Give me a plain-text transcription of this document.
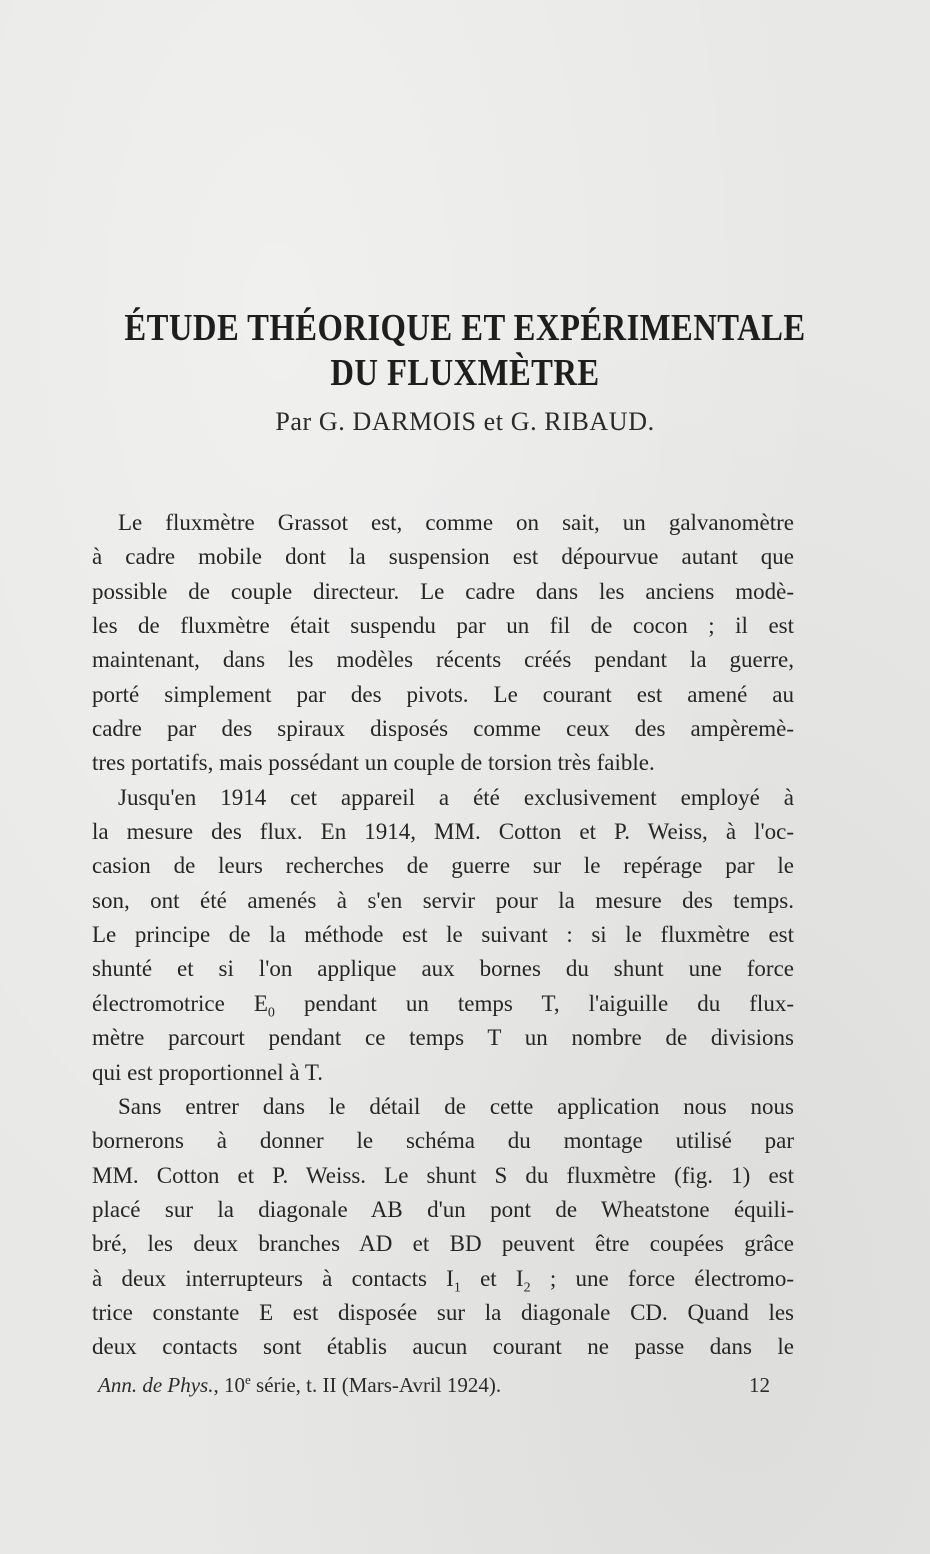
ÉTUDE THÉORIQUE ET EXPÉRIMENTALE
DU FLUXMÈTRE

Par G. DARMOIS et G. RIBAUD.

Le fluxmètre Grassot est, comme on sait, un galvanomètre
à cadre mobile dont la suspension est dépourvue autant que
possible de couple directeur. Le cadre dans les anciens modè-
les de fluxmètre était suspendu par un fil de cocon ; il est
maintenant, dans les modèles récents créés pendant la guerre,
porté simplement par des pivots. Le courant est amené au
cadre par des spiraux disposés comme ceux des ampèremè-
tres portatifs, mais possédant un couple de torsion très faible.
Jusqu'en 1914 cet appareil a été exclusivement employé à
la mesure des flux. En 1914, MM. Cotton et P. Weiss, à l'oc-
casion de leurs recherches de guerre sur le repérage par le
son, ont été amenés à s'en servir pour la mesure des temps.
Le principe de la méthode est le suivant : si le fluxmètre est
shunté et si l'on applique aux bornes du shunt une force
électromotrice $E_0$ pendant un temps T, l'aiguille du flux-
mètre parcourt pendant ce temps T un nombre de divisions
qui est proportionnel à T.
Sans entrer dans le détail de cette application nous nous
bornerons à donner le schéma du montage utilisé par
MM. Cotton et P. Weiss. Le shunt S du fluxmètre (fig. 1) est
placé sur la diagonale AB d'un pont de Wheatstone équili-
bré, les deux branches AD et BD peuvent être coupées grâce
à deux interrupteurs à contacts $I_1$ et $I_2$ ; une force électromo-
trice constante E est disposée sur la diagonale CD. Quand les
deux contacts sont établis aucun courant ne passe dans le
Ann. de Phys., 10e série, t. II (Mars-Avril 1924).	12
